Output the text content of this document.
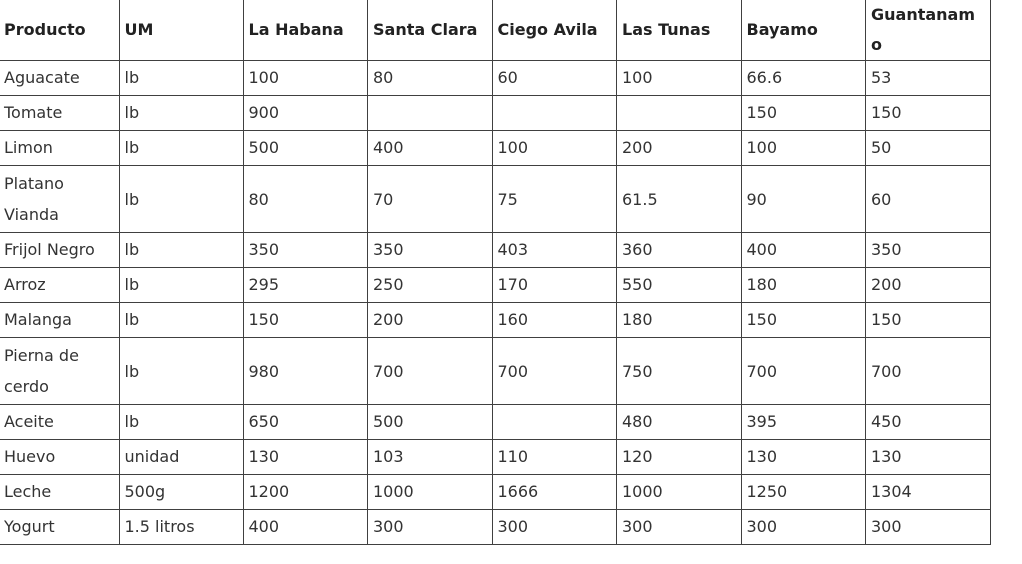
Producto	UM	La Habana	Santa Clara	Ciego Avila	Las Tunas	Bayamo	Guantanamo
Aguacate	lb	100	80	60	100	66.6	53
Tomate	lb	900				150	150
Limon	lb	500	400	100	200	100	50
Platano Vianda	lb	80	70	75	61.5	90	60
Frijol Negro	lb	350	350	403	360	400	350
Arroz	lb	295	250	170	550	180	200
Malanga	lb	150	200	160	180	150	150
Pierna de cerdo	lb	980	700	700	750	700	700
Aceite	lb	650	500		480	395	450
Huevo	unidad	130	103	110	120	130	130
Leche	500g	1200	1000	1666	1000	1250	1304
Yogurt	1.5 litros	400	300	300	300	300	300
